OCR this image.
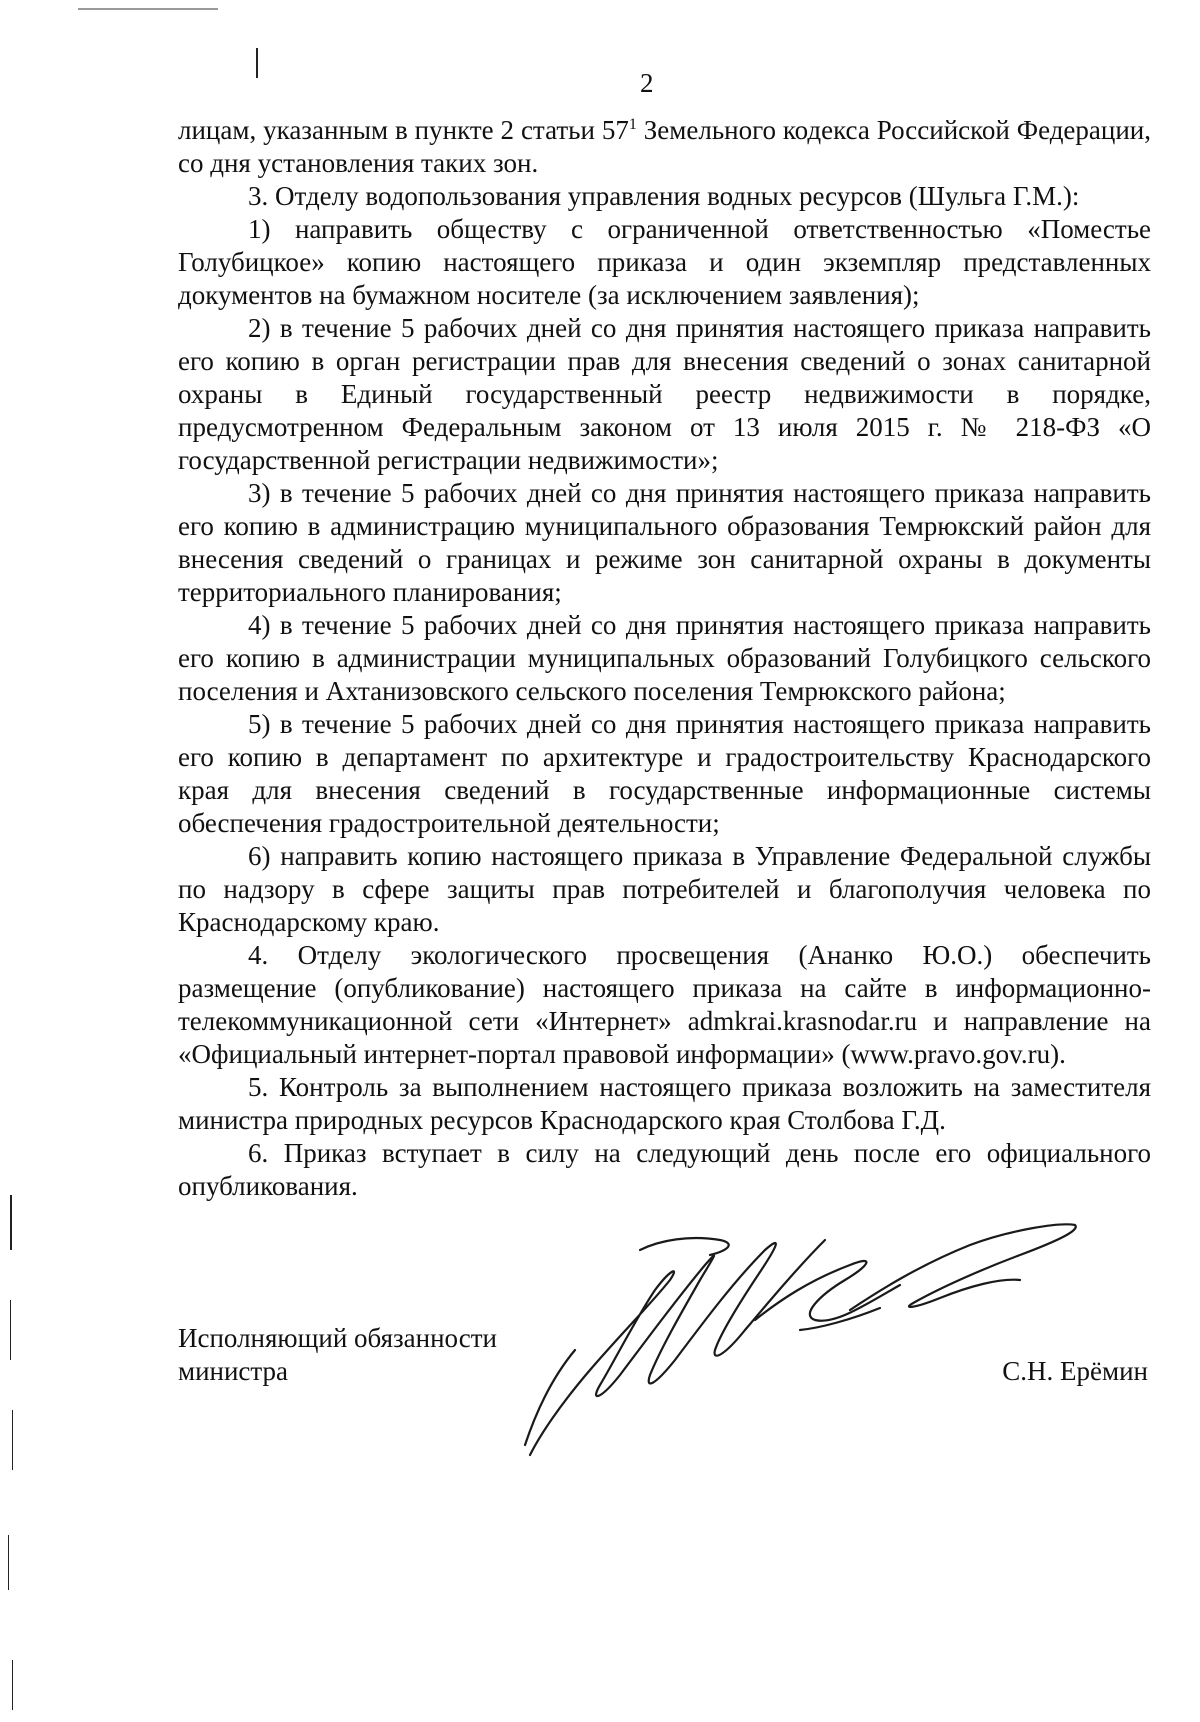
2

лицам, указанным в пункте 2 статьи $57^1$ Земельного кодекса Российской Федерации, со дня установления таких зон.

3. Отделу водопользования управления водных ресурсов (Шульга Г.М.):

1) направить обществу с ограниченной ответственностью «Поместье Голубицкое» копию настоящего приказа и один экземпляр представленных документов на бумажном носителе (за исключением заявления);

2) в течение 5 рабочих дней со дня принятия настоящего приказа направить его копию в орган регистрации прав для внесения сведений о зонах санитарной охраны в Единый государственный реестр недвижимости в порядке, предусмотренном Федеральным законом от 13 июля 2015 г. № 218-ФЗ «О государственной регистрации недвижимости»;

3) в течение 5 рабочих дней со дня принятия настоящего приказа направить его копию в администрацию муниципального образования Темрюкский район для внесения сведений о границах и режиме зон санитарной охраны в документы территориального планирования;

4) в течение 5 рабочих дней со дня принятия настоящего приказа направить его копию в администрации муниципальных образований Голубицкого сельского поселения и Ахтанизовского сельского поселения Темрюкского района;

5) в течение 5 рабочих дней со дня принятия настоящего приказа направить его копию в департамент по архитектуре и градостроительству Краснодарского края для внесения сведений в государственные информационные системы обеспечения градостроительной деятельности;

6) направить копию настоящего приказа в Управление Федеральной службы по надзору в сфере защиты прав потребителей и благополучия человека по Краснодарскому краю.

4. Отделу экологического просвещения (Ананко Ю.О.) обеспечить размещение (опубликование) настоящего приказа на сайте в информационно-телекоммуникационной сети «Интернет» admkrai.krasnodar.ru и направление на «Официальный интернет-портал правовой информации» (www.pravo.gov.ru).

5. Контроль за выполнением настоящего приказа возложить на заместителя министра природных ресурсов Краснодарского края Столбова Г.Д.

6. Приказ вступает в силу на следующий день после его официального опубликования.

Исполняющий обязанности
министра	С.Н. Ерёмин
